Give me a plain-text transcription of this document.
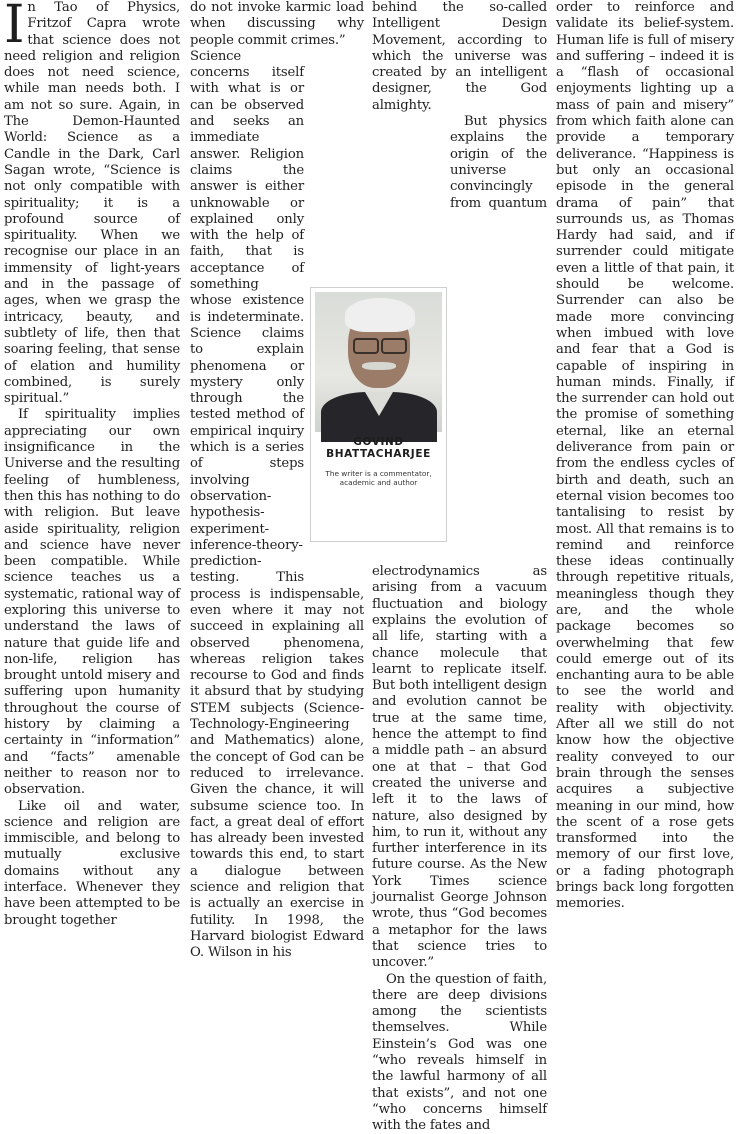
In Tao of Physics, Fritzof Capra wrote that science does not need religion and religion does not need science, while man needs both. I am not so sure. Again, in The Demon-Haunted World: Science as a Candle in the Dark, Carl Sagan wrote, “Science is not only compatible with spirituality; it is a profound source of spirituality. When we recognise our place in an immensity of light-years and in the passage of ages, when we grasp the intricacy, beauty, and subtlety of life, then that soaring feeling, that sense of elation and humility combined, is surely spiritual.”

If spirituality implies appreciating our own insignificance in the Universe and the resulting feeling of humbleness, then this has nothing to do with religion. But leave aside spirituality, religion and science have never been compatible. While science teaches us a systematic, rational way of exploring this universe to understand the laws of nature that guide life and non-life, religion has brought untold misery and suffering upon humanity throughout the course of history by claiming a certainty in “information” and “facts” amenable neither to reason nor to observation.

Like oil and water, science and religion are immiscible, and belong to mutually exclusive domains without any interface. Whenever they have been attempted to be brought together

do not invoke karmic load when discussing why people commit crimes.”

Science concerns itself with what is or can be observed and seeks an immediate answer. Religion claims the answer is either unknowable or explained only with the help of faith, that is acceptance of something whose existence is indeterminate. Science claims to explain phenomena or mystery only through the tested method of empirical inquiry which is a series of steps involving observation-hypothesis-experiment-inference-theory-prediction-testing. This process is indispensable, even where it may not succeed in explaining all observed phenomena, whereas religion takes recourse to God and finds it absurd that by studying STEM subjects (Science-Technology-Engineering and Mathematics) alone, the concept of God can be reduced to irrelevance. Given the chance, it will subsume science too. In fact, a great deal of effort has already been invested towards this end, to start a dialogue between science and religion that is actually an exercise in futility. In 1998, the Harvard biologist Edward O. Wilson in his

behind the so-called Intelligent Design Movement, according to which the universe was created by an intelligent designer, the God almighty.

But physics explains the origin of the universe convincingly from quantum electrodynamics as arising from a vacuum fluctuation and biology explains the evolution of all life, starting with a chance molecule that learnt to replicate itself. But both intelligent design and evolution cannot be true at the same time, hence the attempt to find a middle path – an absurd one at that – that God created the universe and left it to the laws of nature, also designed by him, to run it, without any further interference in its future course. As the New York Times science journalist George Johnson wrote, thus “God becomes a metaphor for the laws that science tries to uncover.”

On the question of faith, there are deep divisions among the scientists themselves. While Einstein’s God was one “who reveals himself in the lawful harmony of all that exists”, and not one “who concerns himself with the fates and

order to reinforce and validate its belief-system. Human life is full of misery and suffering – indeed it is a “flash of occasional enjoyments lighting up a mass of pain and misery” from which faith alone can provide a temporary deliverance. “Happiness is but only an occasional episode in the general drama of pain” that surrounds us, as Thomas Hardy had said, and if surrender could mitigate even a little of that pain, it should be welcome. Surrender can also be made more convincing when imbued with love and fear that a God is capable of inspiring in human minds. Finally, if the surrender can hold out the promise of something eternal, like an eternal deliverance from pain or from the endless cycles of birth and death, such an eternal vision becomes too tantalising to resist by most. All that remains is to remind and reinforce these ideas continually through repetitive rituals, meaningless though they are, and the whole package becomes so overwhelming that few could emerge out of its enchanting aura to be able to see the world and reality with objectivity. After all we still do not know how the objective reality conveyed to our brain through the senses acquires a subjective meaning in our mind, how the scent of a rose gets transformed into the memory of our first love, or a fading photograph brings back long forgotten memories.

GOVIND
BHATTACHARJEE
The writer is a commentator, academic and author
